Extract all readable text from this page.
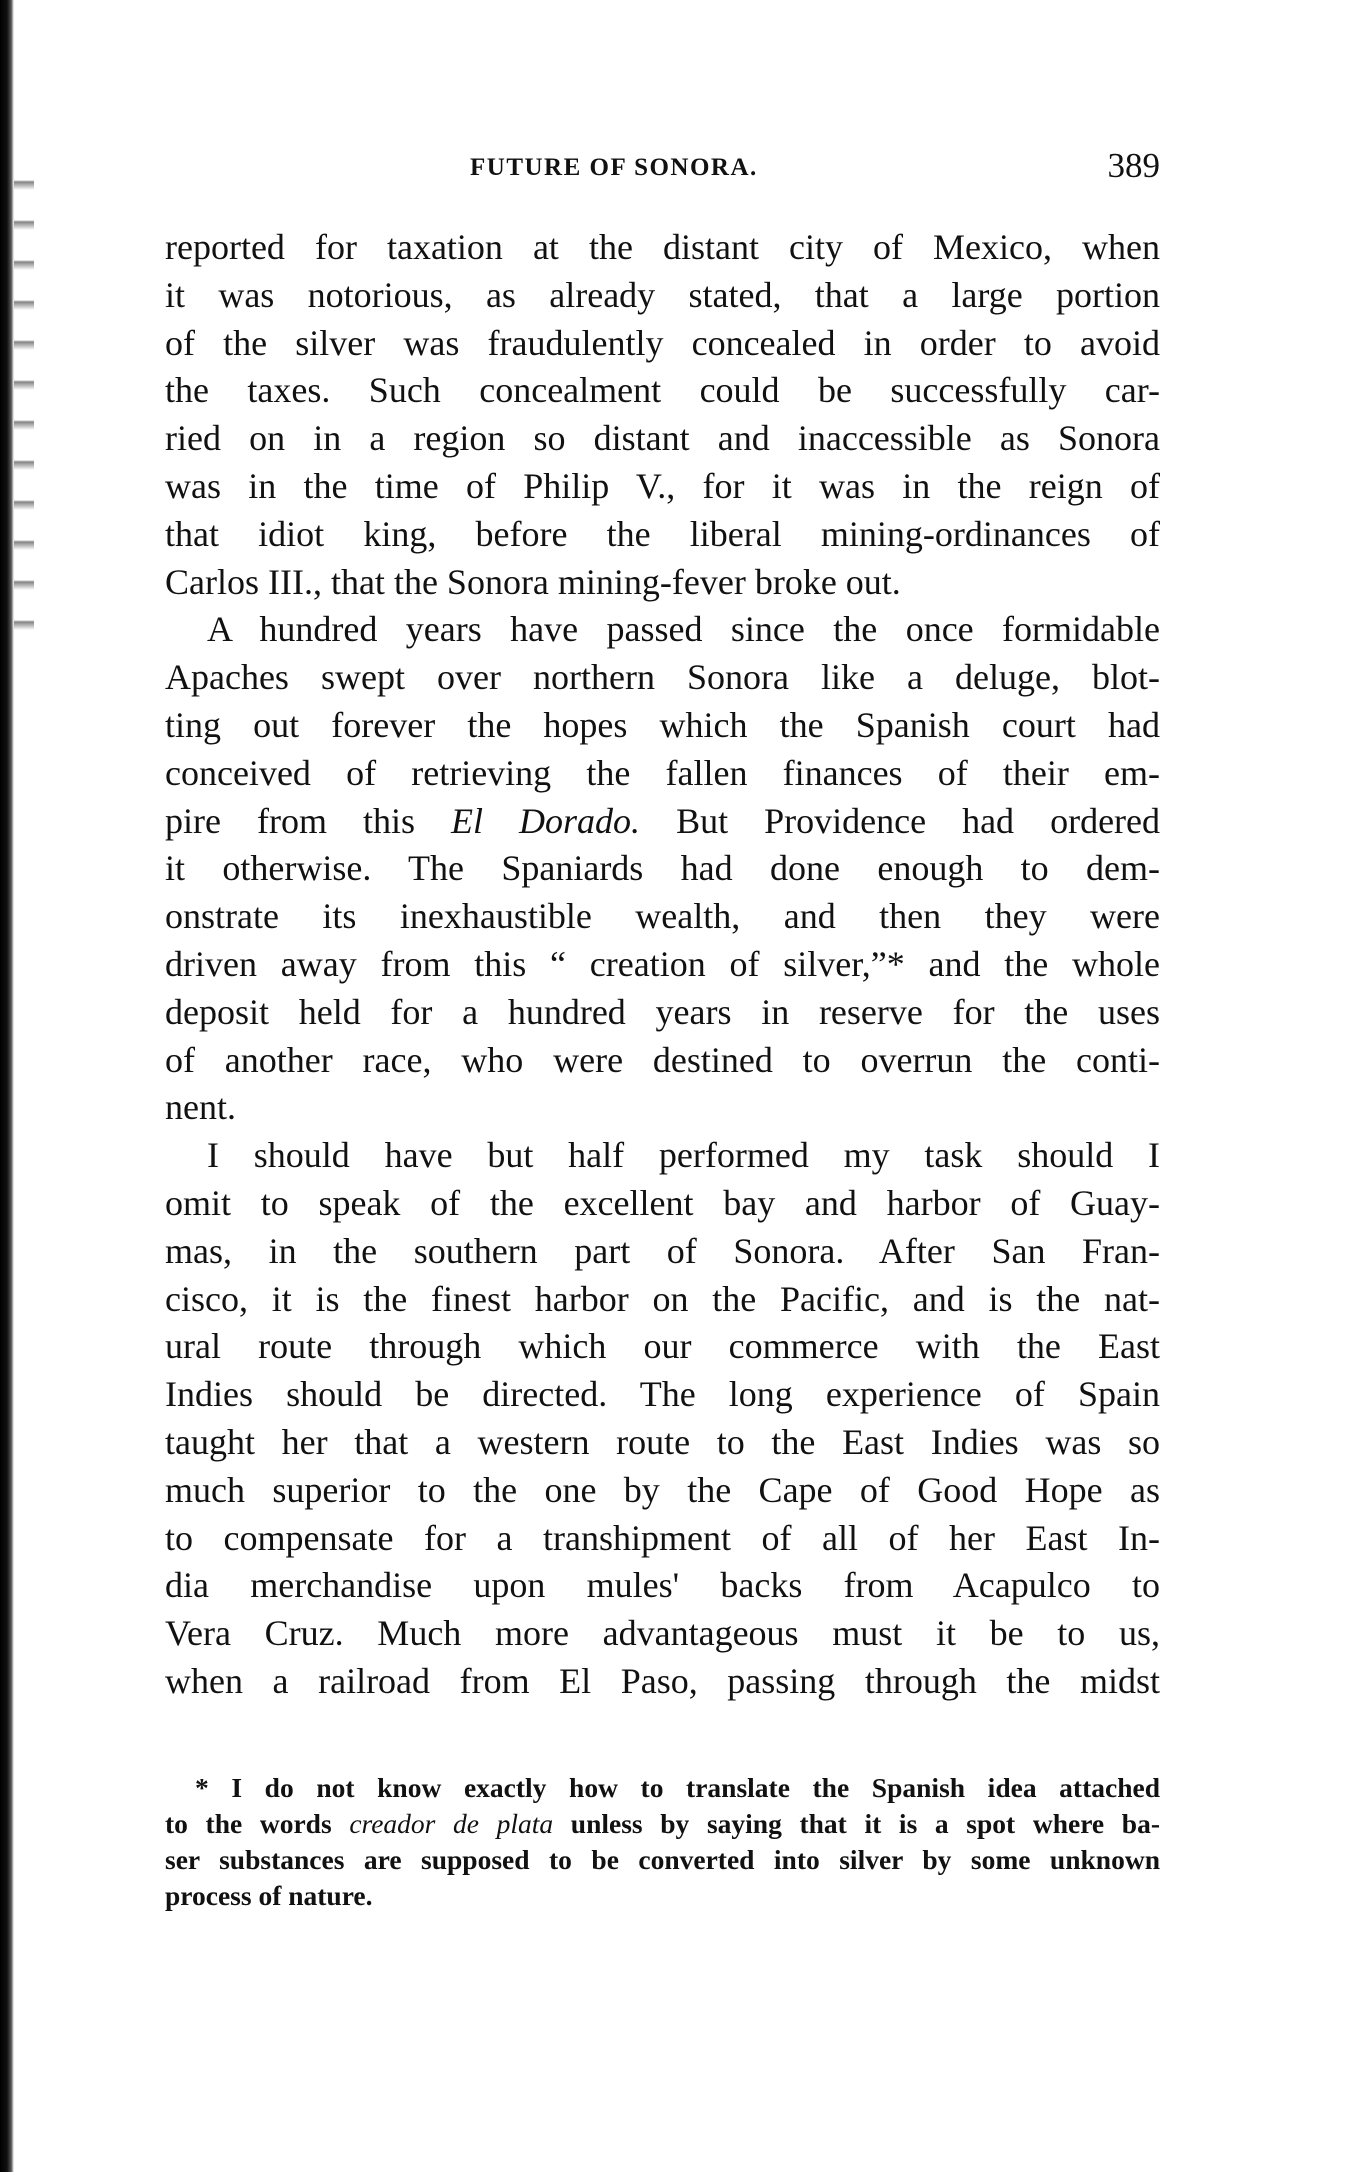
FUTURE OF SONORA.	389
reported for taxation at the distant city of Mexico, when
it was notorious, as already stated, that a large portion
of the silver was fraudulently concealed in order to avoid
the taxes. Such concealment could be successfully car-
ried on in a region so distant and inaccessible as Sonora
was in the time of Philip V., for it was in the reign of
that idiot king, before the liberal mining-ordinances of
Carlos III., that the Sonora mining-fever broke out.
A hundred years have passed since the once formidable
Apaches swept over northern Sonora like a deluge, blot-
ting out forever the hopes which the Spanish court had
conceived of retrieving the fallen finances of their em-
pire from this El Dorado. But Providence had ordered
it otherwise. The Spaniards had done enough to dem-
onstrate its inexhaustible wealth, and then they were
driven away from this “ creation of silver,”* and the whole
deposit held for a hundred years in reserve for the uses
of another race, who were destined to overrun the conti-
nent.
I should have but half performed my task should I
omit to speak of the excellent bay and harbor of Guay-
mas, in the southern part of Sonora. After San Fran-
cisco, it is the finest harbor on the Pacific, and is the nat-
ural route through which our commerce with the East
Indies should be directed. The long experience of Spain
taught her that a western route to the East Indies was so
much superior to the one by the Cape of Good Hope as
to compensate for a transhipment of all of her East In-
dia merchandise upon mules' backs from Acapulco to
Vera Cruz. Much more advantageous must it be to us,
when a railroad from El Paso, passing through the midst
* I do not know exactly how to translate the Spanish idea attached
to the words creador de plata unless by saying that it is a spot where ba-
ser substances are supposed to be converted into silver by some unknown
process of nature.
